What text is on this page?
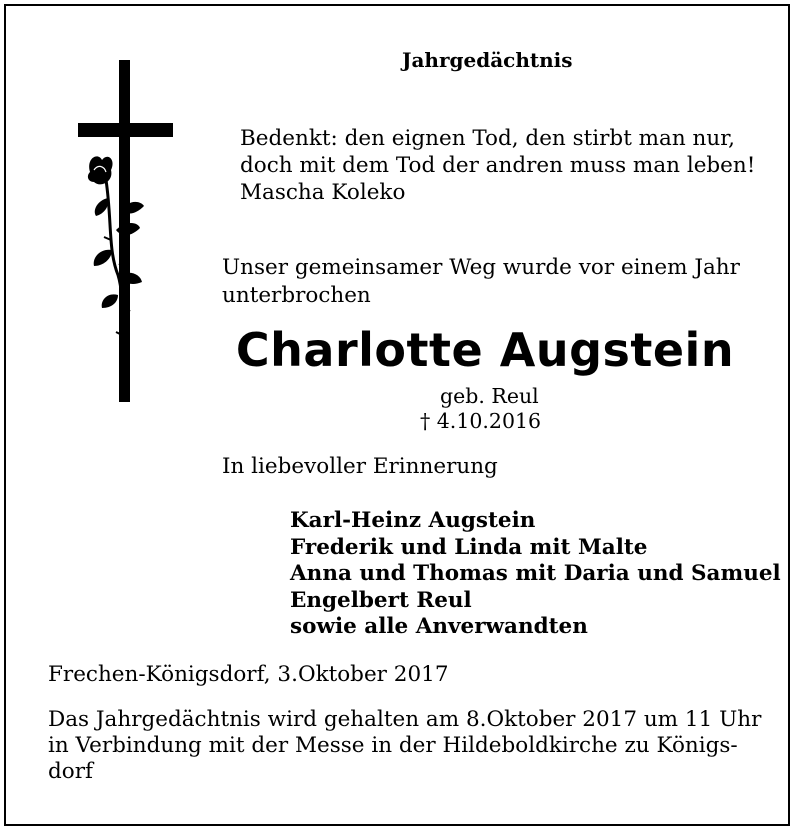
Jahrgedächtnis
Bedenkt: den eignen Tod, den stirbt man nur,
doch mit dem Tod der andren muss man leben!
Mascha Koleko
Unser gemeinsamer Weg wurde vor einem Jahr
unterbrochen
Charlotte Augstein
geb. Reul
† 4.10.2016
In liebevoller Erinnerung
Karl-Heinz Augstein
Frederik und Linda mit Malte
Anna und Thomas mit Daria und Samuel
Engelbert Reul
sowie alle Anverwandten
Frechen-Königsdorf, 3.Oktober 2017
Das Jahrgedächtnis wird gehalten am 8.Oktober 2017 um 11 Uhr
in Verbindung mit der Messe in der Hildeboldkirche zu Königs-
dorf
